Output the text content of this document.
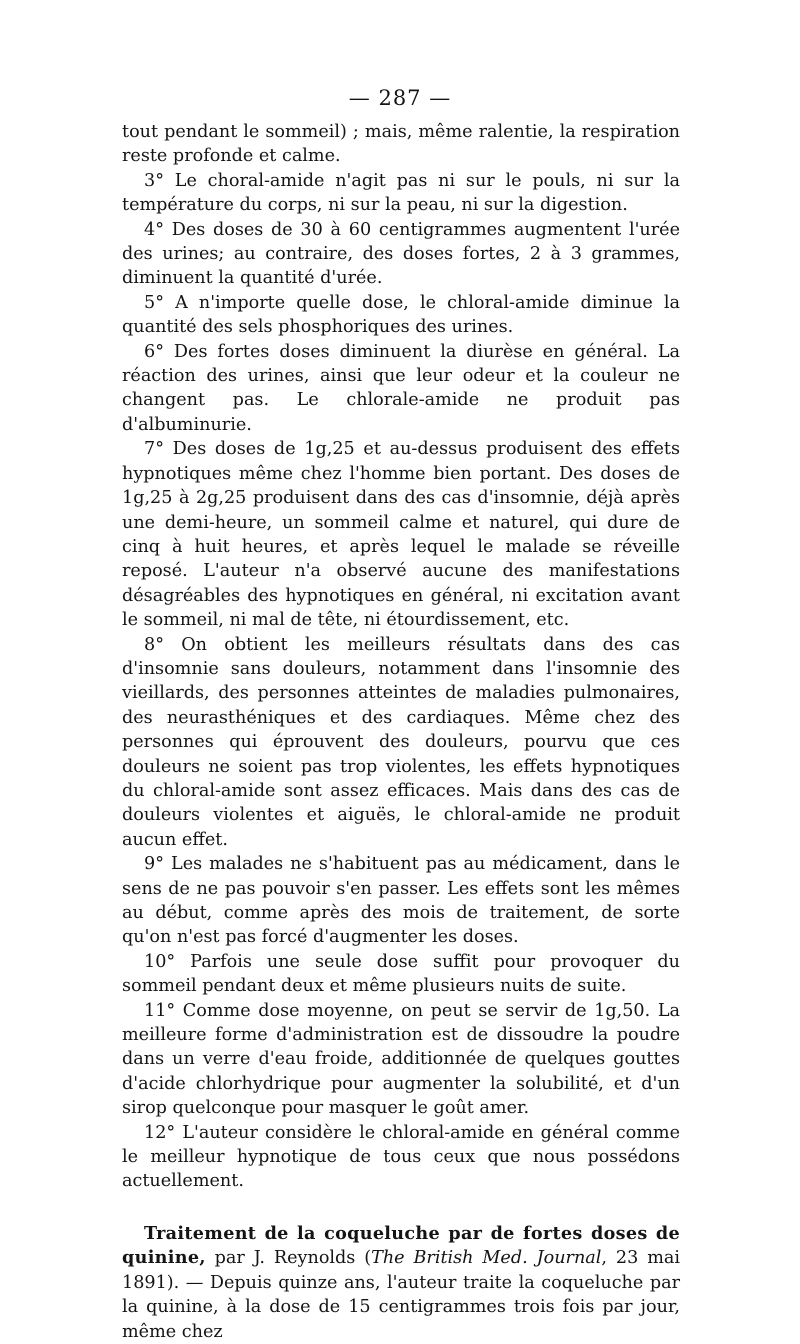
— 287 —

tout pendant le sommeil) ; mais, même ralentie, la respiration reste profonde et calme.

3° Le choral-amide n'agit pas ni sur le pouls, ni sur la température du corps, ni sur la peau, ni sur la digestion.

4° Des doses de 30 à 60 centigrammes augmentent l'urée des urines; au contraire, des doses fortes, 2 à 3 grammes, diminuent la quantité d'urée.

5° A n'importe quelle dose, le chloral-amide diminue la quantité des sels phosphoriques des urines.

6° Des fortes doses diminuent la diurèse en général. La réaction des urines, ainsi que leur odeur et la couleur ne changent pas. Le chlorale-amide ne produit pas d'albuminurie.

7° Des doses de 1g,25 et au-dessus produisent des effets hypnotiques même chez l'homme bien portant. Des doses de 1g,25 à 2g,25 produisent dans des cas d'insomnie, déjà après une demi-heure, un sommeil calme et naturel, qui dure de cinq à huit heures, et après lequel le malade se réveille reposé. L'auteur n'a observé aucune des manifestations désagréables des hypnotiques en général, ni excitation avant le sommeil, ni mal de tête, ni étourdissement, etc.

8° On obtient les meilleurs résultats dans des cas d'insomnie sans douleurs, notamment dans l'insomnie des vieillards, des personnes atteintes de maladies pulmonaires, des neurasthéniques et des cardiaques. Même chez des personnes qui éprouvent des douleurs, pourvu que ces douleurs ne soient pas trop violentes, les effets hypnotiques du chloral-amide sont assez efficaces. Mais dans des cas de douleurs violentes et aiguës, le chloral-amide ne produit aucun effet.

9° Les malades ne s'habituent pas au médicament, dans le sens de ne pas pouvoir s'en passer. Les effets sont les mêmes au début, comme après des mois de traitement, de sorte qu'on n'est pas forcé d'augmenter les doses.

10° Parfois une seule dose suffit pour provoquer du sommeil pendant deux et même plusieurs nuits de suite.

11° Comme dose moyenne, on peut se servir de 1g,50. La meilleure forme d'administration est de dissoudre la poudre dans un verre d'eau froide, additionnée de quelques gouttes d'acide chlorhydrique pour augmenter la solubilité, et d'un sirop quelconque pour masquer le goût amer.

12° L'auteur considère le chloral-amide en général comme le meilleur hypnotique de tous ceux que nous possédons actuellement.

Traitement de la coqueluche par de fortes doses de quinine, par J. Reynolds (The British Med. Journal, 23 mai 1891). — Depuis quinze ans, l'auteur traite la coqueluche par la quinine, à la dose de 15 centigrammes trois fois par jour, même chez
